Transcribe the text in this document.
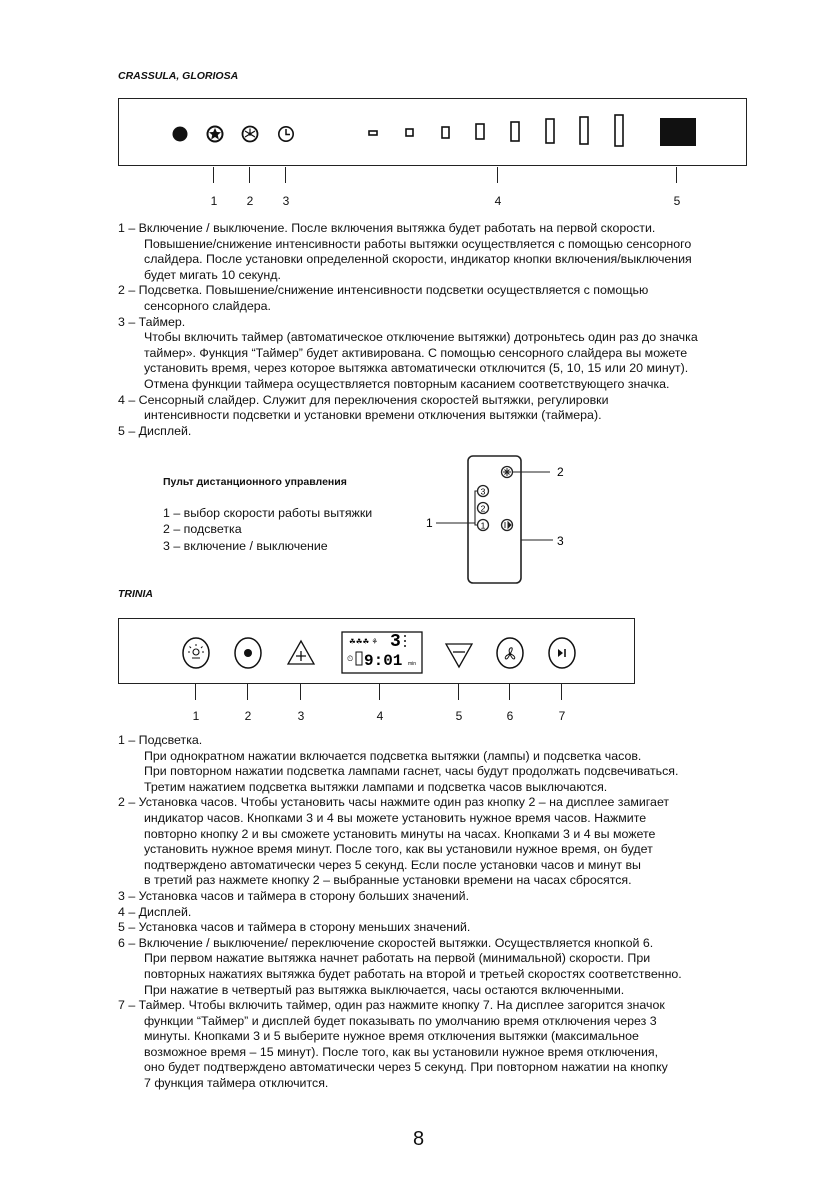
CRASSULA, GLORIOSA
1	2	3	4	5

1 – Включение / выключение. После включения вытяжка будет работать на первой скорости.

Повышение/снижение интенсивности работы вытяжки осуществляется с помощью сенсорного

слайдера. После установки определенной скорости, индикатор кнопки включения/выключения

будет мигать 10 секунд.

2 – Подсветка. Повышение/снижение интенсивности подсветки осуществляется с помощью

сенсорного слайдера.

3 – Таймер.

Чтобы включить таймер (автоматическое отключение вытяжки) дотроньтесь один раз до значка

таймер». Функция “Таймер” будет активирована. С помощью сенсорного слайдера вы можете

установить время, через которое вытяжка автоматически отключится (5, 10, 15 или 20 минут).

Отмена функции таймера осуществляется повторным касанием соответствующего значка.

4 – Сенсорный слайдер. Служит для переключения скоростей вытяжки, регулировки

интенсивности подсветки и установки времени отключения вытяжки (таймера).

5 – Дисплей.

Пульт дистанционного управления
1 – выбор скорости работы вытяжки
2 – подсветка
3 – включение / выключение
3
2
1
1
2
3
TRINIA
☘☘☘ ⚘ 3
⏲ 9:01 min
1	2	3	4	5	6	7

1 – Подсветка.

При однократном нажатии включается подсветка вытяжки (лампы) и подсветка часов.

При повторном нажатии подсветка лампами гаснет, часы будут продолжать подсвечиваться.

Третим нажатием подсветка вытяжки лампами и подсветка часов выключаются.

2 – Установка часов. Чтобы установить часы нажмите один раз кнопку 2 – на дисплее замигает

индикатор часов. Кнопками 3 и 4 вы можете установить нужное время часов. Нажмите

повторно кнопку 2 и вы сможете установить минуты на часах. Кнопками 3 и 4 вы можете

установить нужное время минут. После того, как вы установили нужное время, он будет

подтверждено автоматически через 5 секунд. Если после установки часов и минут вы

в третий раз нажмете кнопку 2 – выбранные установки времени на часах сбросятся.

3 – Установка часов и таймера в сторону больших значений.

4 – Дисплей.

5 – Установка часов и таймера в сторону меньших значений.

6 – Включение / выключение/ переключение скоростей вытяжки. Осуществляется кнопкой 6.

При первом нажатие вытяжка начнет работать на первой (минимальной) скорости. При

повторных нажатиях вытяжка будет работать на второй и третьей скоростях соответственно.

При нажатие в четвертый раз вытяжка выключается, часы остаются включенными.

7 – Таймер. Чтобы включить таймер, один раз нажмите кнопку 7. На дисплее загорится значок

функции “Таймер” и дисплей будет показывать по умолчанию время отключения через 3

минуты. Кнопками 3 и 5 выберите нужное время отключения вытяжки (максимальное

возможное время – 15 минут). После того, как вы установили нужное время отключения,

оно будет подтверждено автоматически через 5 секунд. При повторном нажатии на кнопку

7 функция таймера отключится.

8
